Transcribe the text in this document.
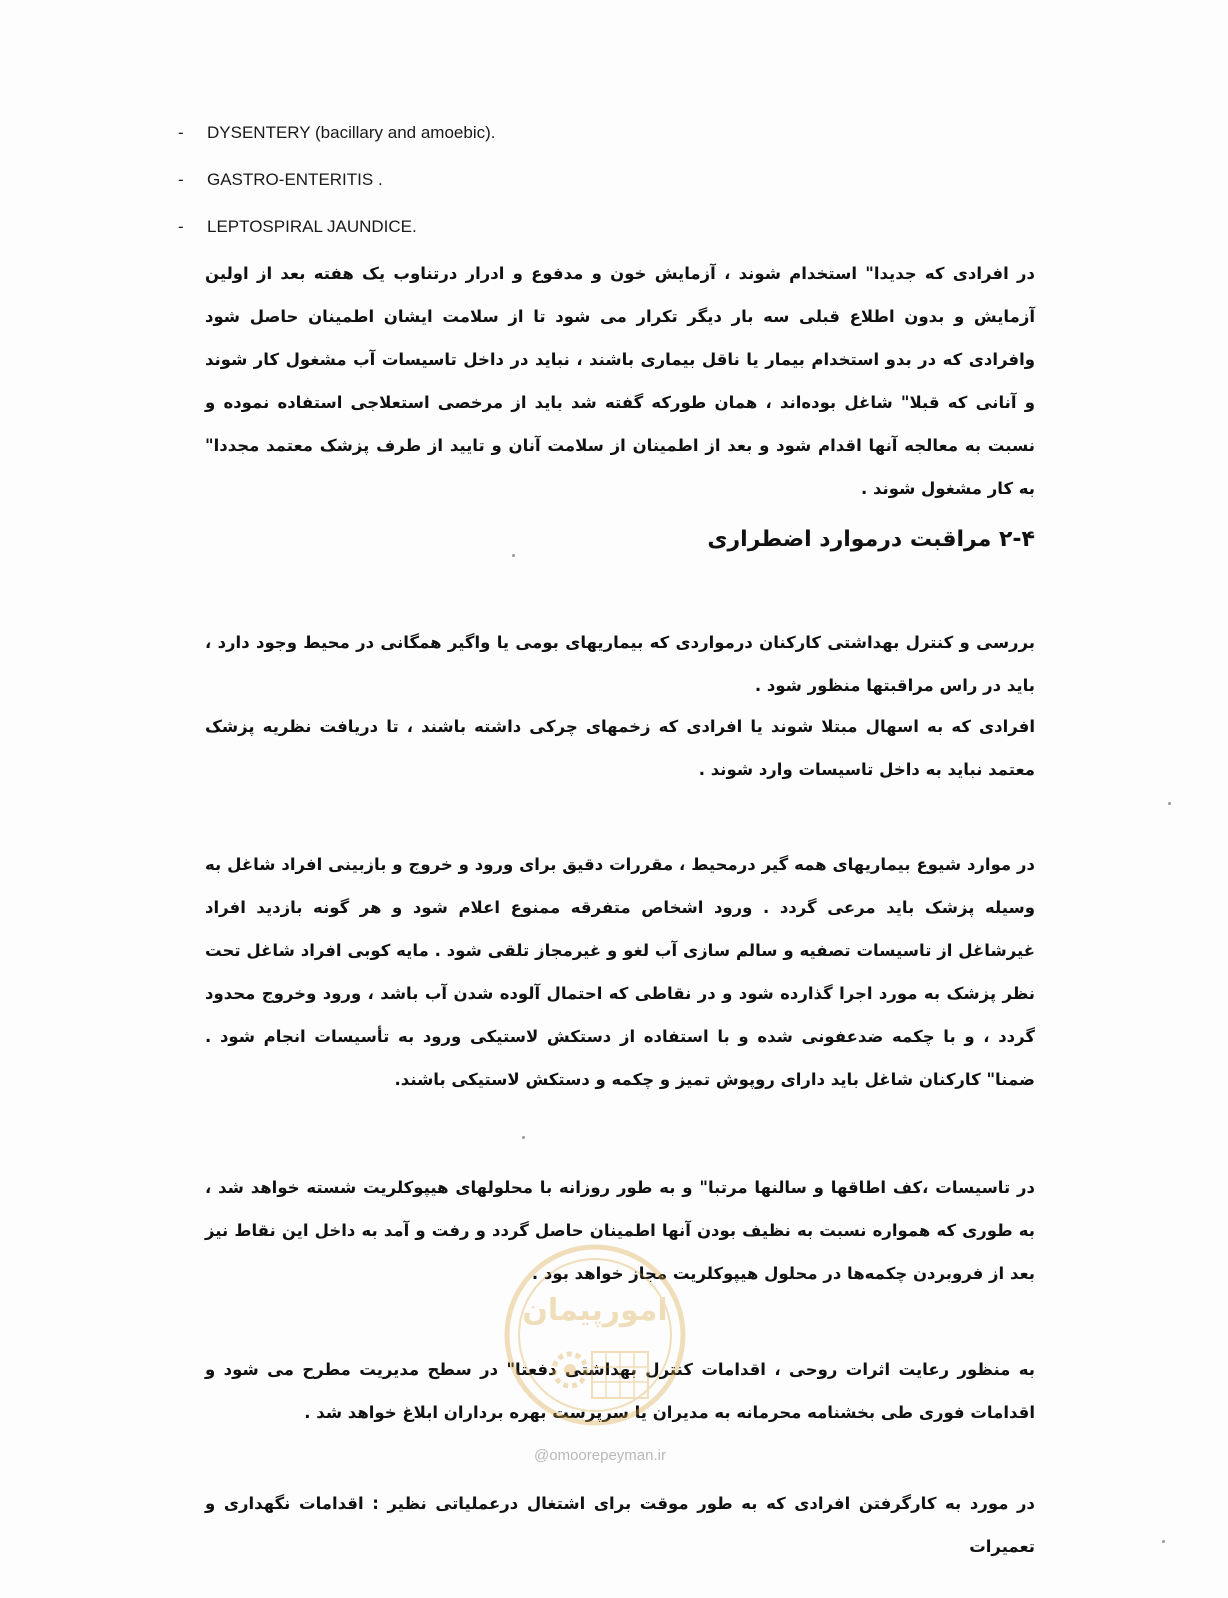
-	DYSENTERY (bacillary and amoebic).
-	GASTRO-ENTERITIS .
-	LEPTOSPIRAL JAUNDICE.

در افرادی که جدیدا" استخدام شوند ، آزمایش خون و مدفوع و ادرار درتناوب یک هفته بعد از اولین آزمایش و بدون اطلاع قبلی سه بار دیگر تکرار می شود تا از سلامت ایشان اطمینان حاصل شود وافرادی که در بدو استخدام بیمار یا ناقل بیماری باشند ، نباید در داخل تاسیسات آب مشغول کار شوند و آنانی که قبلا" شاغل بوده‌اند ، همان طورکه گفته شد باید از مرخصی استعلاجی استفاده نموده و نسبت به معالجه آنها اقدام شود و بعد از اطمینان از سلامت آنان و تایید از طرف پزشک معتمد مجددا" به کار مشغول شوند .

۲-۴ مراقبت درموارد اضطراری

بررسی و کنترل بهداشتی کارکنان درمواردی که بیماریهای بومی یا واگیر همگانی در محیط وجود دارد ، باید در راس مراقبتها منظور شود .

افرادی که به اسهال مبتلا شوند یا افرادی که زخمهای چرکی داشته باشند ، تا دریافت نظریه پزشک معتمد نباید به داخل تاسیسات وارد شوند .

در موارد شیوع بیماریهای همه گیر درمحیط ، مقررات دقیق برای ورود و خروج و بازبینی افراد شاغل به وسیله پزشک باید مرعی گردد . ورود اشخاص متفرقه ممنوع اعلام شود و هر گونه بازدید افراد غیرشاغل از تاسیسات تصفیه و سالم سازی آب لغو و غیرمجاز تلقی شود . مایه کوبی افراد شاغل تحت نظر پزشک به مورد اجرا گذارده شود و در نقاطی که احتمال آلوده شدن آب باشد ، ورود وخروج محدود گردد ، و با چکمه ضدعفونی شده و با استفاده از دستکش لاستیکی ورود به تأسیسات انجام شود . ضمنا" کارکنان شاغل باید دارای روپوش تمیز و چکمه و دستکش لاستیکی باشند.

در تاسیسات ،کف اطاقها و سالنها مرتبا" و به طور روزانه با محلولهای هیپوکلریت شسته خواهد شد ، به طوری که همواره نسبت به نظیف بودن آنها اطمینان حاصل گردد و رفت و آمد به داخل این نقاط نیز بعد از فروبردن چکمه‌ها در محلول هیپوکلریت مجاز خواهد بود .

به منظور رعایت اثرات روحی ، اقدامات کنترل بهداشتی دفعتا" در سطح مدیریت مطرح می شود و اقدامات فوری طی بخشنامه محرمانه به مدیران یا سرپرست بهره برداران ابلاغ خواهد شد .

در مورد به کارگرفتن افرادی که به طور موقت برای اشتغال درعملیاتی نظیر : اقدامات نگهداری و تعمیرات

امورپیمان
@omoorepeyman.ir
